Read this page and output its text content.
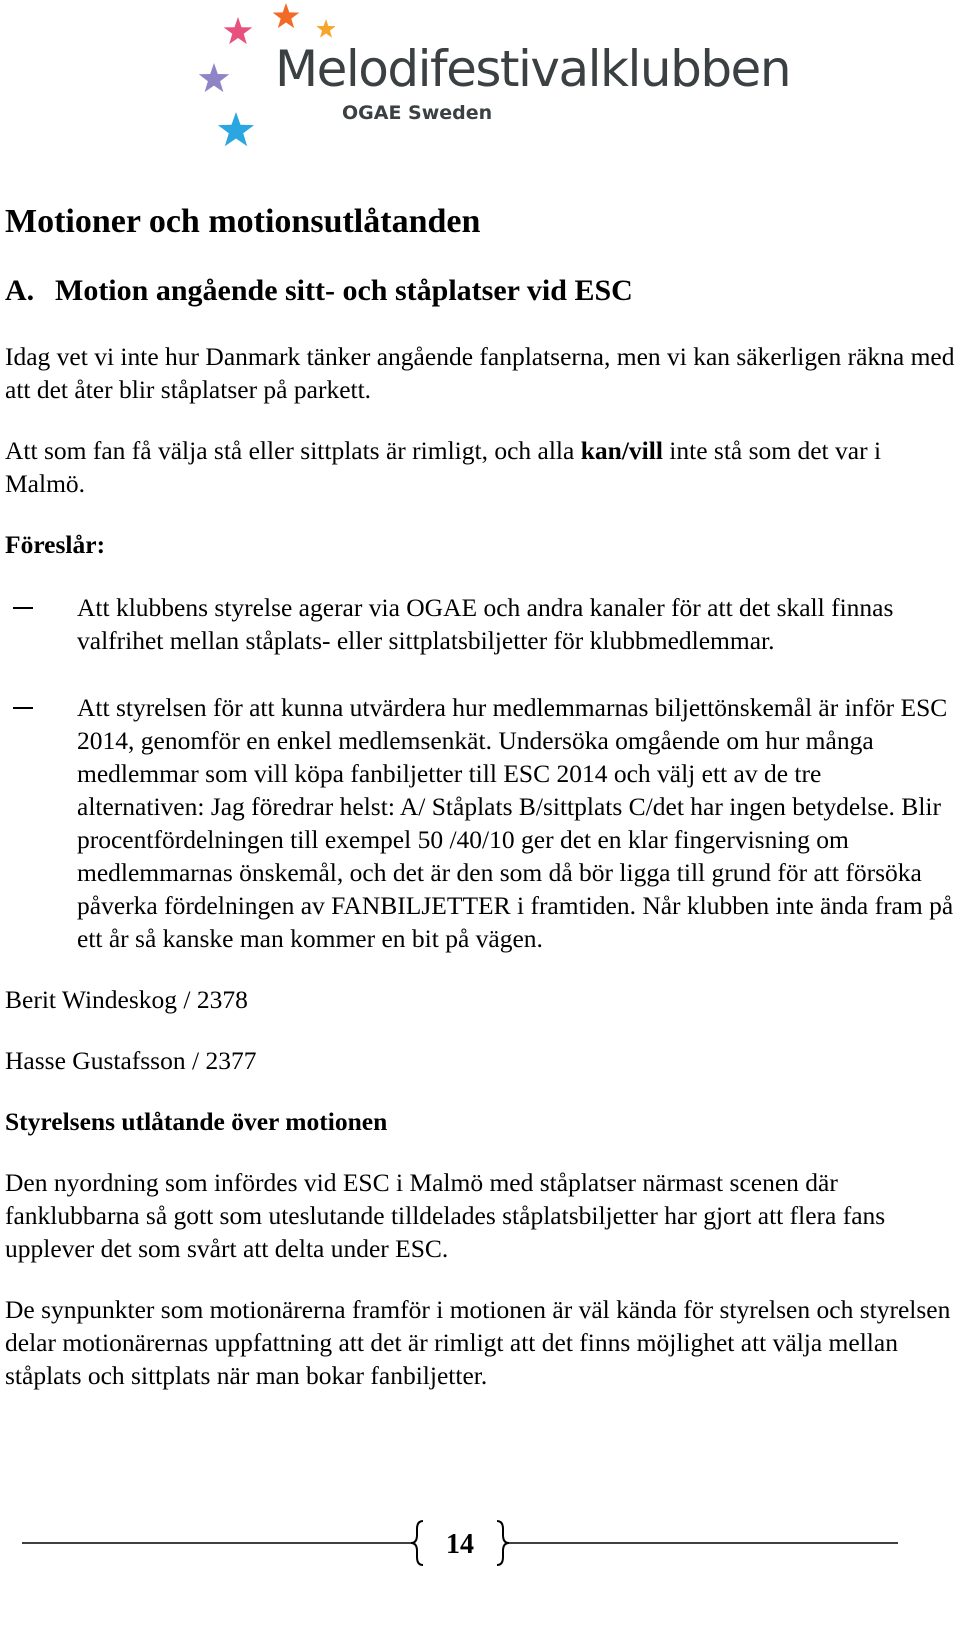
Melodifestivalklubben
OGAE Sweden
Motioner och motionsutlåtanden
A. Motion angående sitt- och ståplatser vid ESC

Idag vet vi inte hur Danmark tänker angående fanplatserna, men vi kan säkerligen räkna med att det åter blir ståplatser på parkett.

Att som fan få välja stå eller sittplats är rimligt, och alla kan/vill inte stå som det var i Malmö.

Föreslår:

Att klubbens styrelse agerar via OGAE och andra kanaler för att det skall finnas valfrihet mellan ståplats- eller sittplatsbiljetter för klubbmedlemmar.
Att styrelsen för att kunna utvärdera hur medlemmarnas biljettönskemål är inför ESC 2014, genomför en enkel medlemsenkät. Undersöka omgående om hur många medlemmar som vill köpa fanbiljetter till ESC 2014 och välj ett av de tre alternativen: Jag föredrar helst: A/ Ståplats B/sittplats C/det har ingen betydelse. Blir procentfördelningen till exempel 50 /40/10 ger det en klar fingervisning om medlemmarnas önskemål, och det är den som då bör ligga till grund för att försöka påverka fördelningen av FANBILJETTER i framtiden. Når klubben inte ända fram på ett år så kanske man kommer en bit på vägen.

Berit Windeskog / 2378

Hasse Gustafsson / 2377

Styrelsens utlåtande över motionen

Den nyordning som infördes vid ESC i Malmö med ståplatser närmast scenen där fanklubbarna så gott som uteslutande tilldelades ståplatsbiljetter har gjort att flera fans upplever det som svårt att delta under ESC.

De synpunkter som motionärerna framför i motionen är väl kända för styrelsen och styrelsen delar motionärernas uppfattning att det är rimligt att det finns möjlighet att välja mellan ståplats och sittplats när man bokar fanbiljetter.

14
